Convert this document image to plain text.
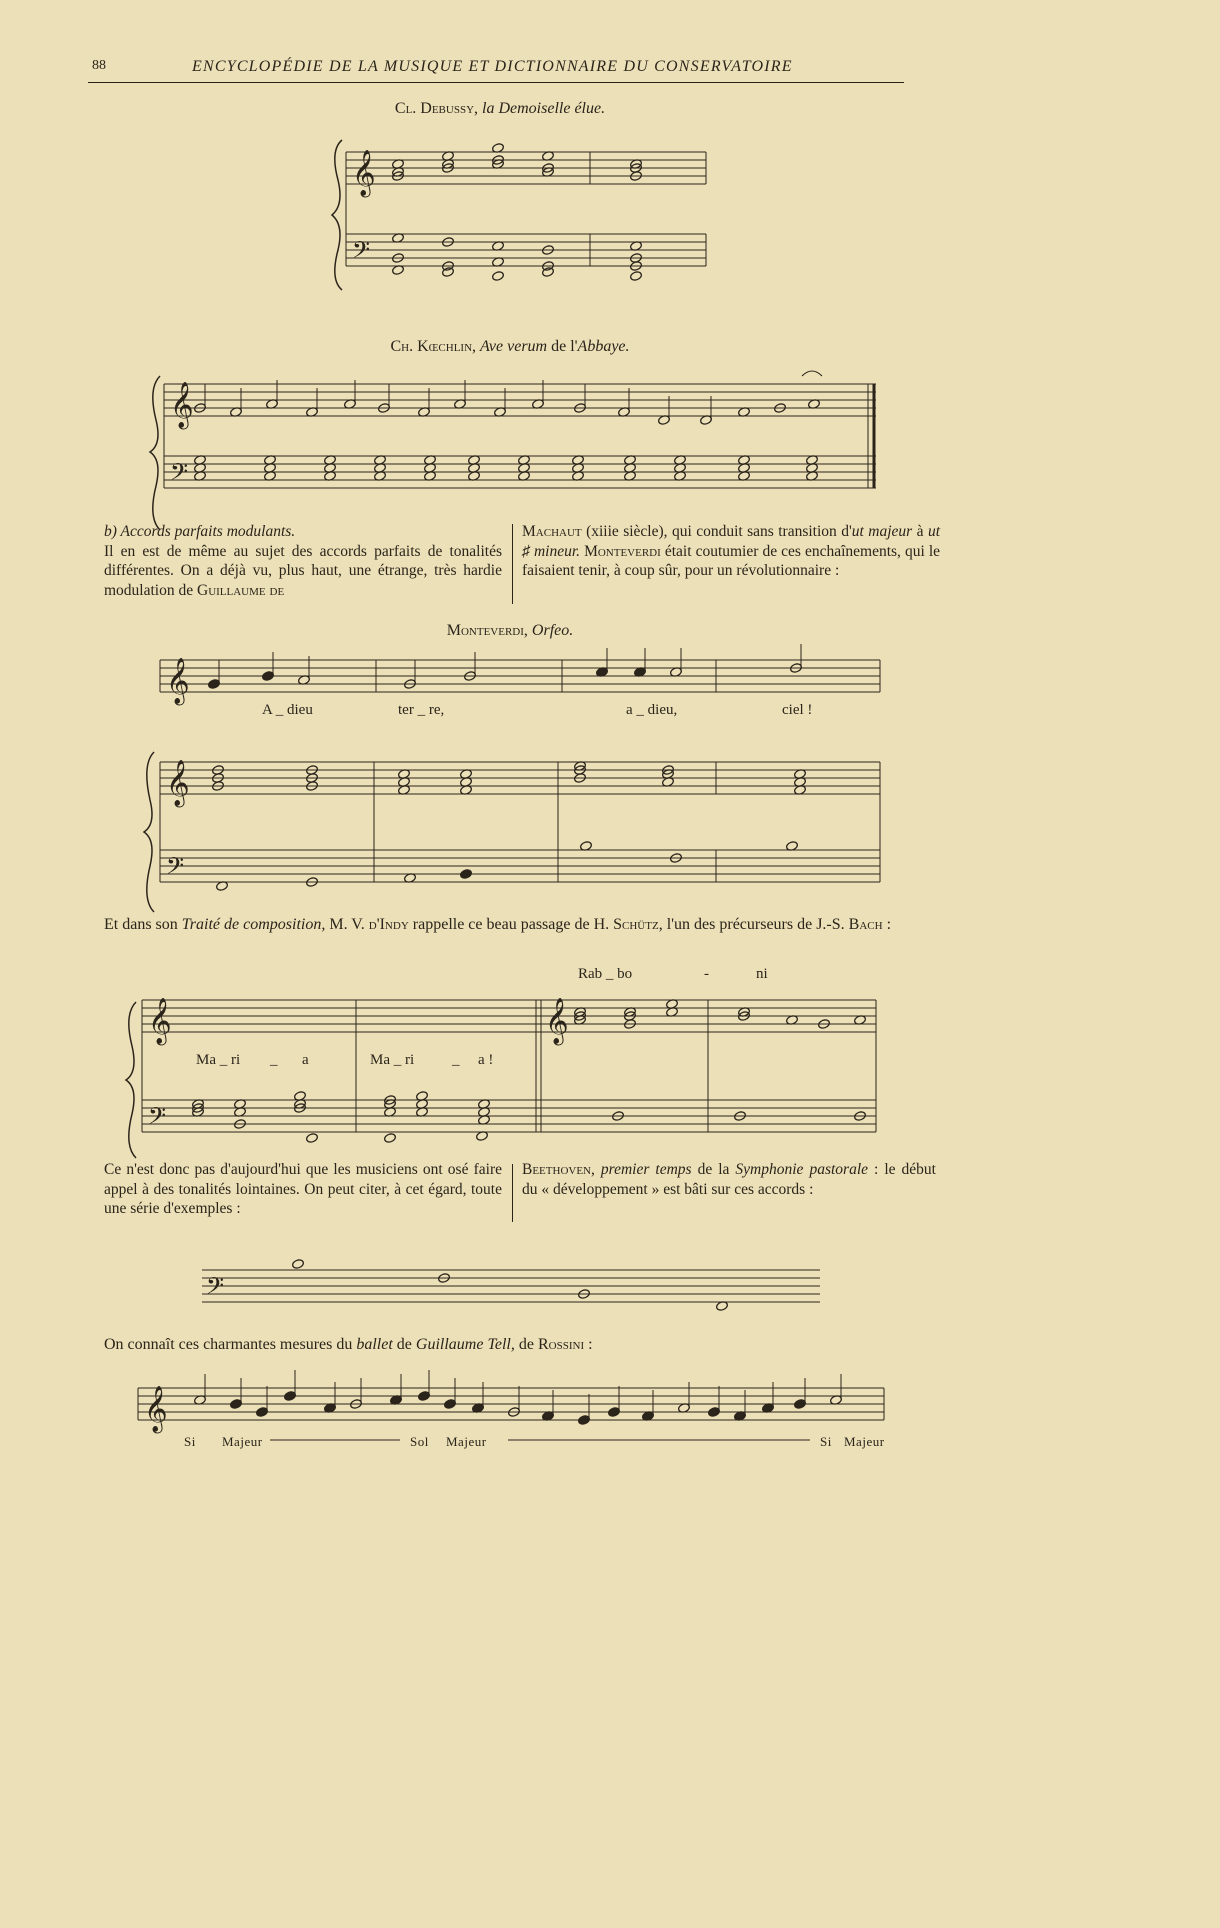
88	ENCYCLOPÉDIE DE LA MUSIQUE ET DICTIONNAIRE DU CONSERVATOIRE
Cl. Debussy, la Demoiselle élue.
𝄞
𝄢
Ch. Kœchlin, Ave verum de l'Abbaye.
𝄞
𝄢

b) Accords parfaits modulants.

Il en est de même au sujet des accords parfaits de tonalités différentes. On a déjà vu, plus haut, une étrange, très hardie modulation de Guillaume de

Machaut (xiiie siècle), qui conduit sans transition d'ut majeur à ut ♯ mineur. Monteverdi était coutumier de ces enchaînements, qui le faisaient tenir, à coup sûr, pour un révolutionnaire :

Monteverdi, Orfeo.
𝄞
𝄞
𝄢
A _ dieu	ter _ re,	a _ dieu,	ciel !
Et dans son Traité de composition, M. V. d'Indy rappelle ce beau passage de H. Schütz, l'un des précurseurs de J.-S. Bach :
𝄞	𝄞
𝄢
Rab _ bo	-	ni
Ma _ ri _ a	Ma _ ri	_ a !
Ce n'est donc pas d'aujourd'hui que les musiciens ont osé faire appel à des tonalités lointaines. On peut citer, à cet égard, toute une série d'exemples :

Beethoven, premier temps de la Symphonie pastorale : le début du « développement » est bâti sur ces accords :

𝄢
On connaît ces charmantes mesures du ballet de Guillaume Tell, de Rossini :
𝄞
Si Majeur	Sol Majeur	Si Majeur
